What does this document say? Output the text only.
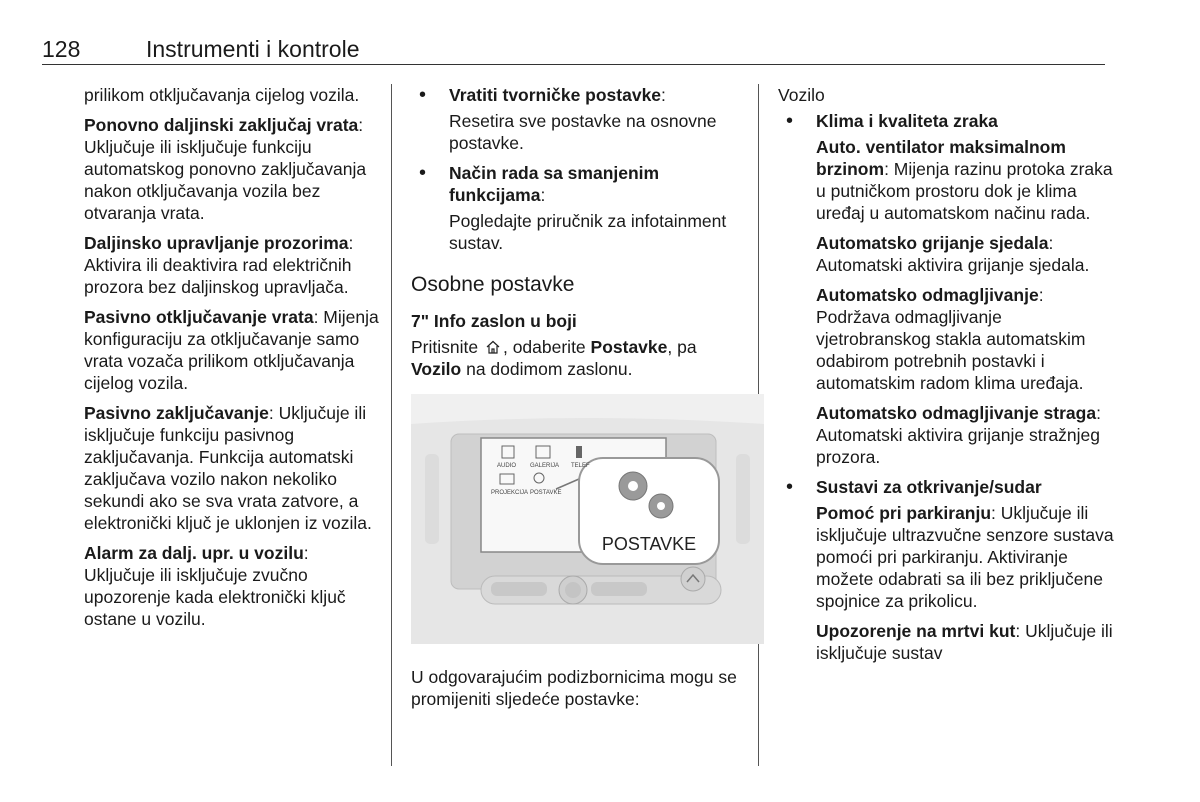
128	Instrumenti i kontrole

prilikom otključavanja cijelog vozila.

Ponovno daljinski zaključaj vrata: Uključuje ili isključuje funkciju automatskog ponovno zaključavanja nakon otključavanja vozila bez otvaranja vrata.

Daljinsko upravljanje prozorima: Aktivira ili deaktivira rad električnih prozora bez daljinskog upravljača.

Pasivno otključavanje vrata: Mijenja konfiguraciju za otključavanje samo vrata vozača prilikom otključavanja cijelog vozila.

Pasivno zaključavanje: Uključuje ili isključuje funkciju pasivnog zaključavanja. Funkcija automatski zaključava vozilo nakon nekoliko sekundi ako se sva vrata zatvore, a elektronički ključ je uklonjen iz vozila.

Alarm za dalj. upr. u vozilu: Uključuje ili isključuje zvučno upozorenje kada elektronički ključ ostane u vozilu.

• Vratiti tvorničke postavke:

Resetira sve postavke na osnovne postavke.

• Način rada sa smanjenim funkcijama:

Pogledajte priručnik za infotainment sustav.

Osobne postavke
7" Info zaslon u boji

Pritisnite , odaberite Postavke, pa Vozilo na dodimom zaslonu.

AUDIO GALERIJA TELEF
PROJEKCIJA POSTAVKE
POSTAVKE

U odgovarajućim podizbornicima mogu se promijeniti sljedeće postavke:

Vozilo

• Klima i kvaliteta zraka

Auto. ventilator maksimalnom brzinom: Mijenja razinu protoka zraka u putničkom prostoru dok je klima uređaj u automatskom načinu rada.

Automatsko grijanje sjedala: Automatski aktivira grijanje sjedala.

Automatsko odmagljivanje: Podržava odmagljivanje vjetrobranskog stakla automatskim odabirom potrebnih postavki i automatskim radom klima uređaja.

Automatsko odmagljivanje straga: Automatski aktivira grijanje stražnjeg prozora.

• Sustavi za otkrivanje/sudar

Pomoć pri parkiranju: Uključuje ili isključuje ultrazvučne senzore sustava pomoći pri parkiranju. Aktiviranje možete odabrati sa ili bez priključene spojnice za prikolicu.

Upozorenje na mrtvi kut: Uključuje ili isključuje sustav
